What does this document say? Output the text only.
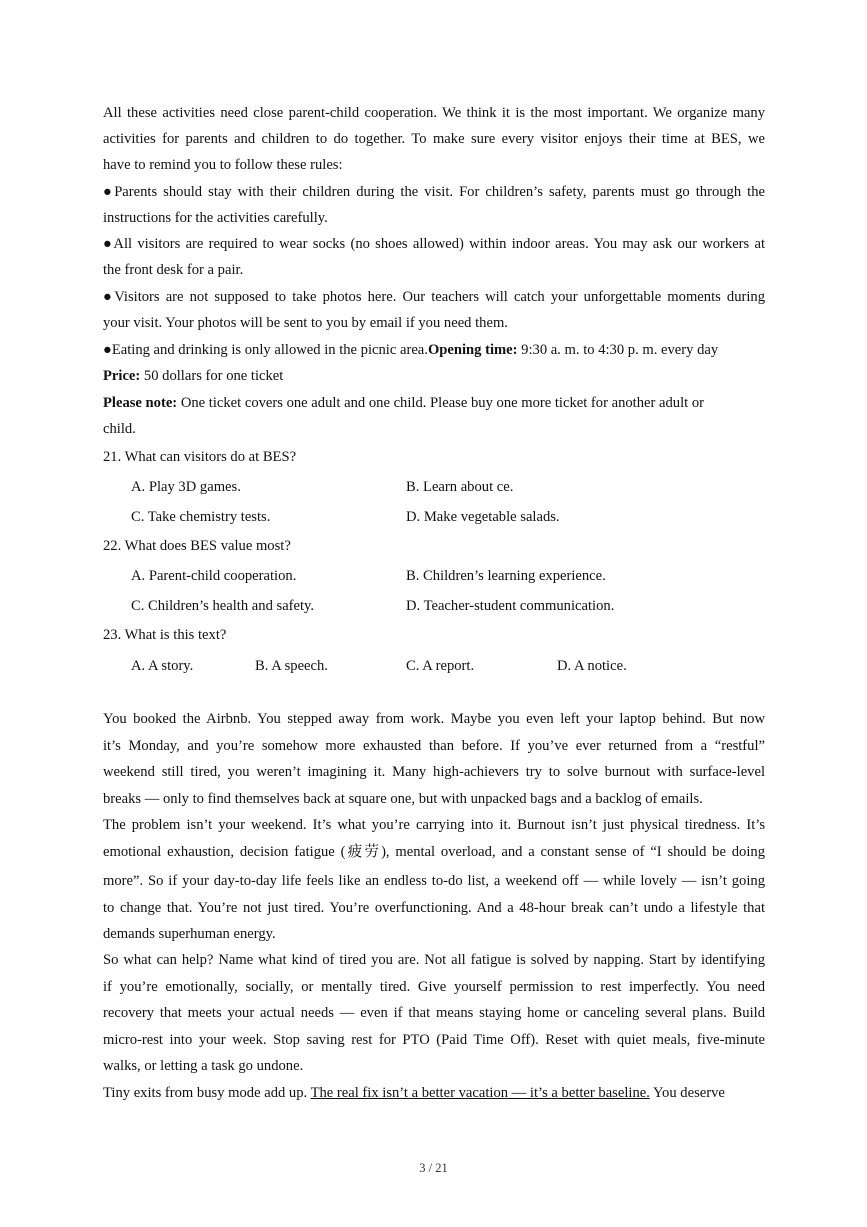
All these activities need close parent-child cooperation. We think it is the most important. We organize many
activities for parents and children to do together. To make sure every visitor enjoys their time at BES, we
have to remind you to follow these rules:
●Parents should stay with their children during the visit. For children’s safety, parents must go through the
instructions for the activities carefully.
●All visitors are required to wear socks (no shoes allowed) within indoor areas. You may ask our workers at
the front desk for a pair.
●Visitors are not supposed to take photos here. Our teachers will catch your unforgettable moments during
your visit. Your photos will be sent to you by email if you need them.
●Eating and drinking is only allowed in the picnic area.Opening time: 9:30 a. m. to 4:30 p. m. every day
Price: 50 dollars for one ticket
Please note: One ticket covers one adult and one child. Please buy one more ticket for another adult or
child.
21. What can visitors do at BES?
A. Play 3D games.	B. Learn about ce.
C. Take chemistry tests.	D. Make vegetable salads.
22. What does BES value most?
A. Parent-child cooperation.	B. Children’s learning experience.
C. Children’s health and safety.	D. Teacher-student communication.
23. What is this text?
A. A story.	B. A speech.	C. A report.	D. A notice.
You booked the Airbnb. You stepped away from work. Maybe you even left your laptop behind. But now
it’s Monday, and you’re somehow more exhausted than before. If you’ve ever returned from a “restful”
weekend still tired, you weren’t imagining it. Many high-achievers try to solve burnout with surface-level
breaks — only to find themselves back at square one, but with unpacked bags and a backlog of emails.
The problem isn’t your weekend. It’s what you’re carrying into it. Burnout isn’t just physical tiredness. It’s
emotional exhaustion, decision fatigue (疲劳), mental overload, and a constant sense of “I should be doing
more”. So if your day-to-day life feels like an endless to-do list, a weekend off — while lovely — isn’t going
to change that. You’re not just tired. You’re overfunctioning. And a 48-hour break can’t undo a lifestyle that
demands superhuman energy.
So what can help? Name what kind of tired you are. Not all fatigue is solved by napping. Start by identifying
if you’re emotionally, socially, or mentally tired. Give yourself permission to rest imperfectly. You need
recovery that meets your actual needs — even if that means staying home or canceling several plans. Build
micro-rest into your week. Stop saving rest for PTO (Paid Time Off). Reset with quiet meals, five-minute
walks, or letting a task go undone.
Tiny exits from busy mode add up. The real fix isn’t a better vacation — it’s a better baseline. You deserve
3 / 21
